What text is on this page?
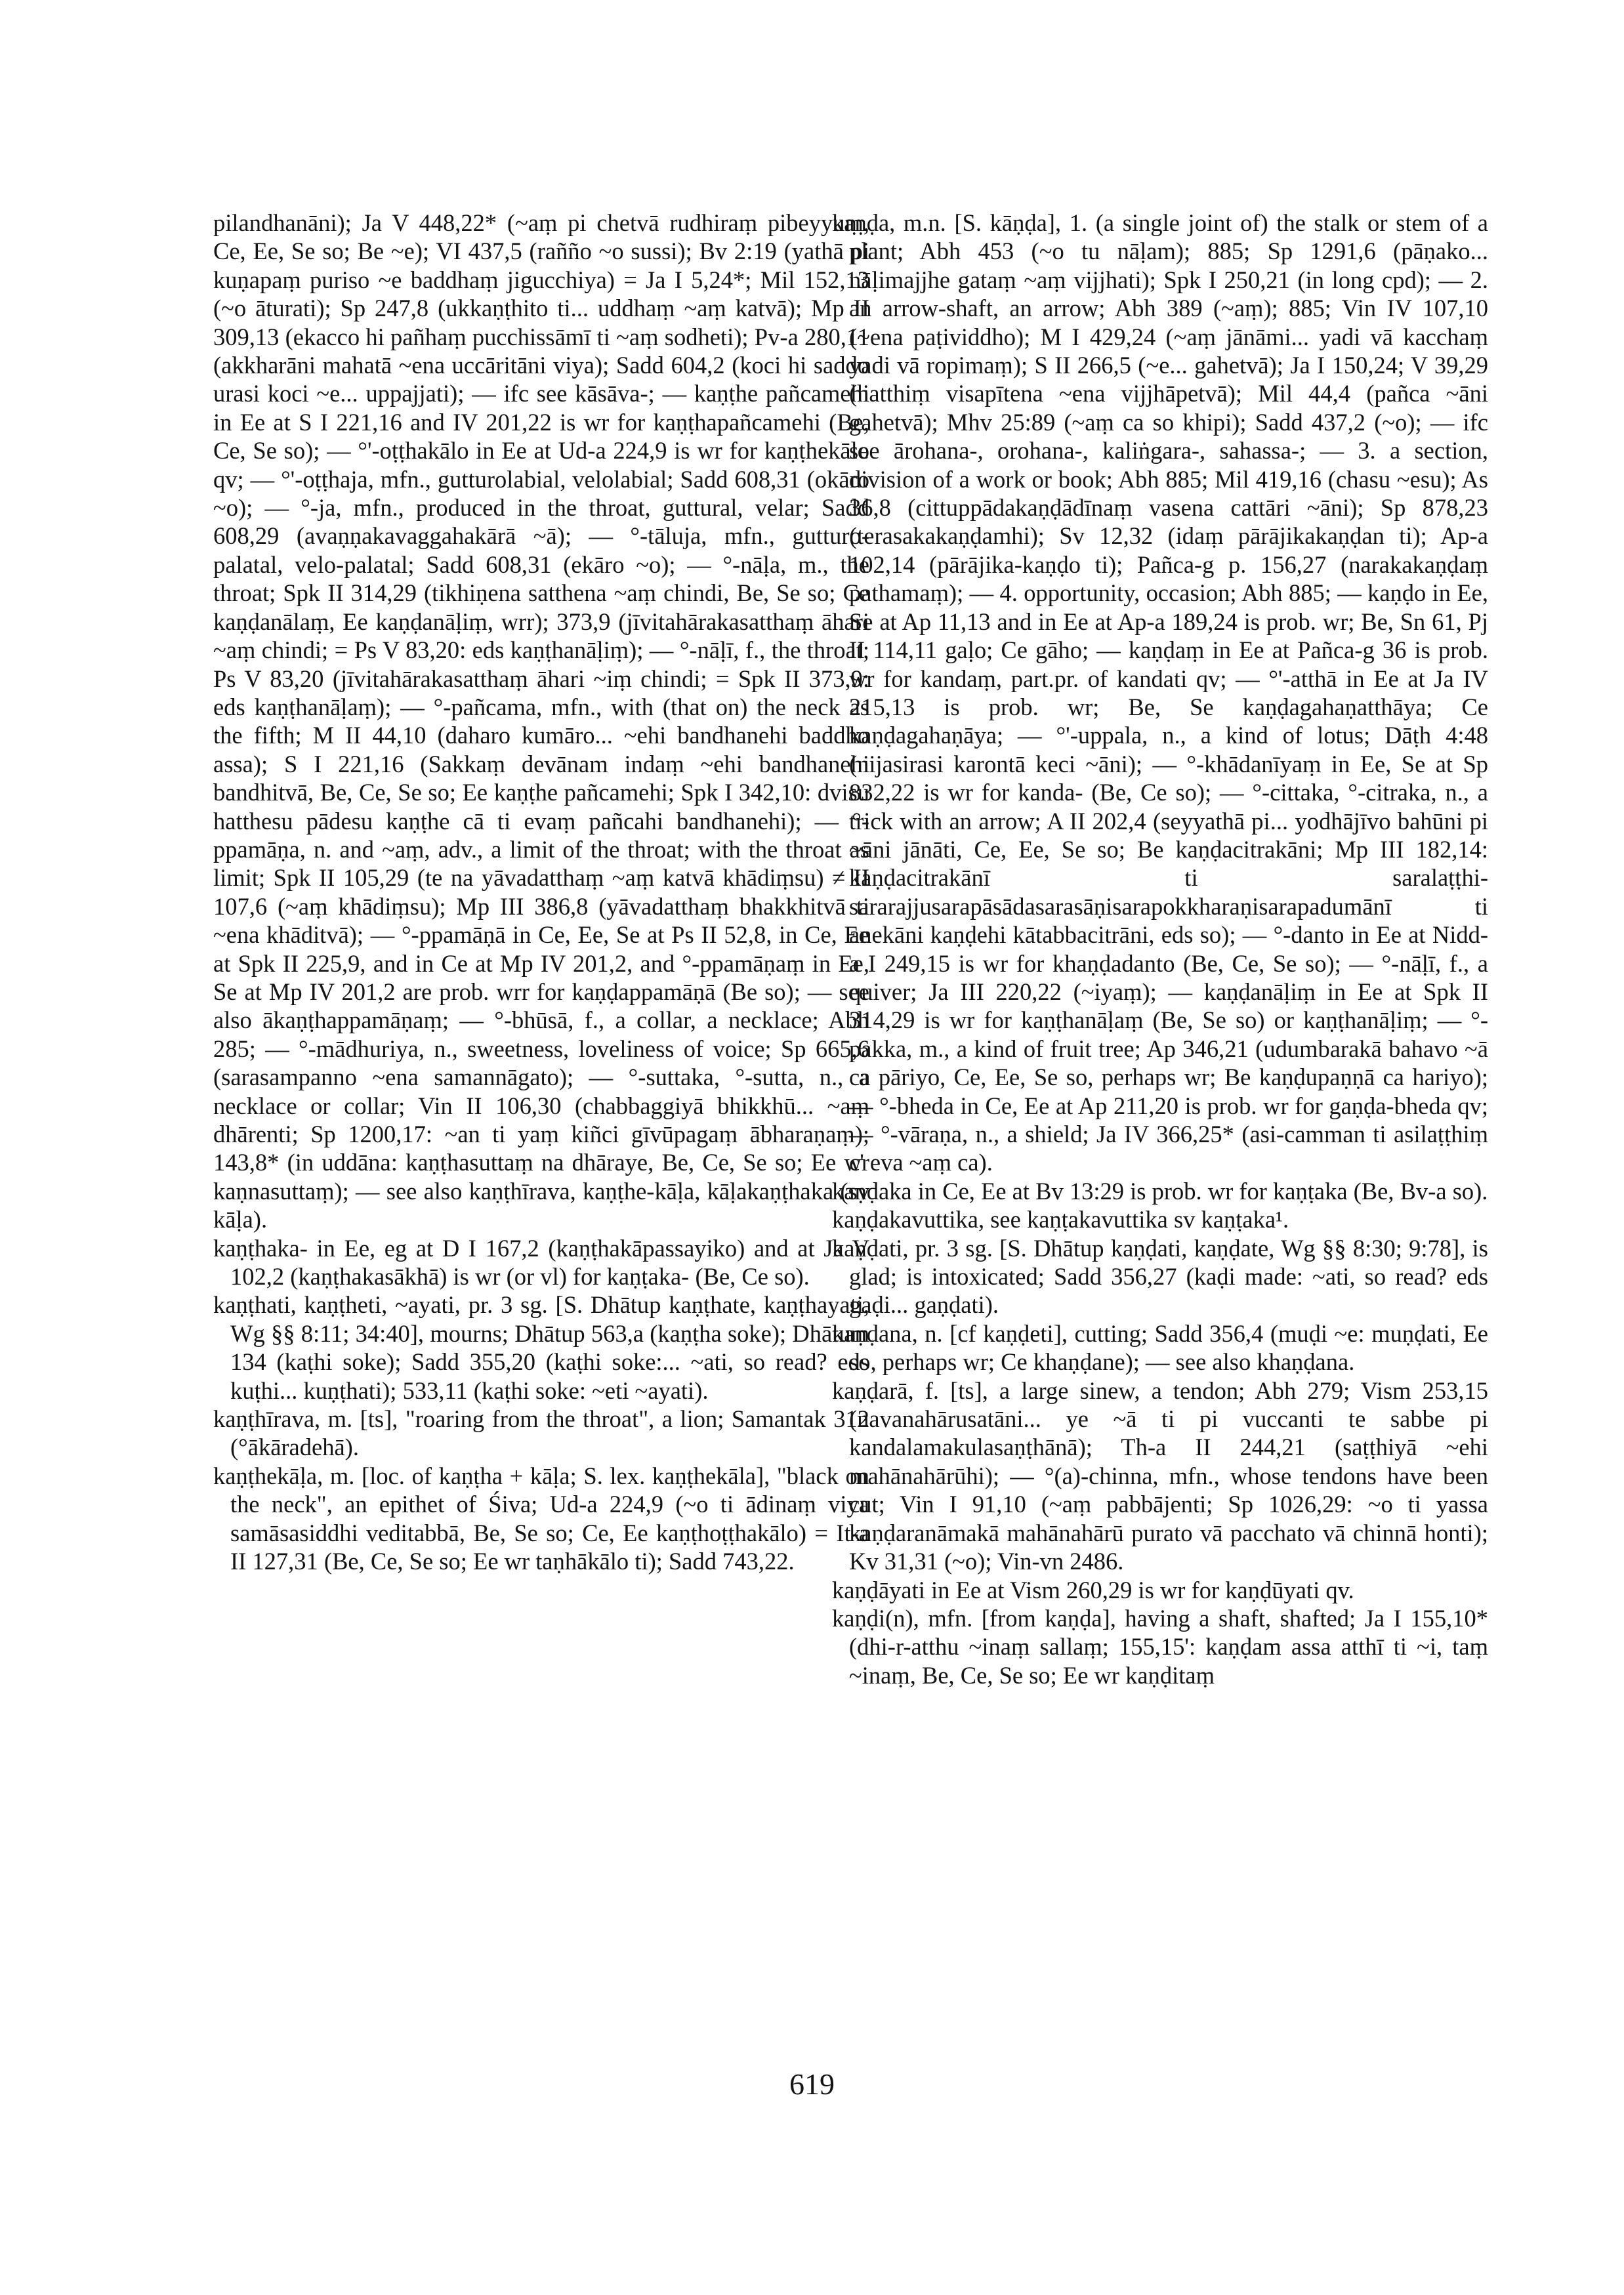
pilandhanāni); Ja V 448,22* (~aṃ pi chetvā rudhiraṃ pibeyyuṃ, Ce, Ee, Se so; Be ~e); VI 437,5 (raññо ~o sussi); Bv 2:19 (yathā pi kuṇapaṃ puriso ~e baddhaṃ jigucchiya) = Ja I 5,24*; Mil 152,13 (~o āturati); Sp 247,8 (ukkaṇṭhito ti... uddhaṃ ~aṃ katvā); Mp II 309,13 (ekacco hi pañhaṃ pucchissāmī ti ~aṃ sodheti); Pv-a 280,11 (akkharāni mahatā ~ena uccāritāni viya); Sadd 604,2 (koci hi saddo urasi koci ~e... uppajjati); — ifc see kāsāva-; — kaṇṭhe pañcamehi in Ee at S I 221,16 and IV 201,22 is wr for kaṇṭhapañcamehi (Be, Ce, Se so); — °'-oṭṭhakālo in Ee at Ud-a 224,9 is wr for kaṇṭhekālo qv; — °'-oṭṭhaja, mfn., gutturolabial, velolabial; Sadd 608,31 (okāro ~o); — °-ja, mfn., produced in the throat, guttural, velar; Sadd 608,29 (avaṇṇakavaggahakārā ~ā); — °-tāluja, mfn., gutturo-palatal, velo-palatal; Sadd 608,31 (ekāro ~o); — °-nāḷa, m., the throat; Spk II 314,29 (tikhiṇena satthena ~aṃ chindi, Be, Se so; Ce kaṇḍanālaṃ, Ee kaṇḍanāḷiṃ, wrr); 373,9 (jīvitahārakasatthaṃ āhari ~aṃ chindi; = Ps V 83,20: eds kaṇṭhanāḷiṃ); — °-nāḷī, f., the throat; Ps V 83,20 (jīvitahārakasatthaṃ āhari ~iṃ chindi; = Spk II 373,9: eds kaṇṭhanāḷaṃ); — °-pañcama, mfn., with (that on) the neck as the fifth; M II 44,10 (daharo kumāro... ~ehi bandhanehi baddho assa); S I 221,16 (Sakkaṃ devānam indaṃ ~ehi bandhanehi bandhitvā, Be, Ce, Se so; Ee kaṇṭhe pañcamehi; Spk I 342,10: dvisu hatthesu pādesu kaṇṭhe cā ti evaṃ pañcahi bandhanehi); — °-ppamāṇa, n. and ~aṃ, adv., a limit of the throat; with the throat as limit; Spk II 105,29 (te na yāvadatthaṃ ~aṃ katvā khādiṃsu) ≠ II 107,6 (~aṃ khādiṃsu); Mp III 386,8 (yāvadatthaṃ bhakkhitvā ti ~ena khāditvā); — °-ppamāṇā in Ce, Ee, Se at Ps II 52,8, in Ce, Ee at Spk II 225,9, and in Ce at Mp IV 201,2, and °-ppamāṇaṃ in Ee, Se at Mp IV 201,2 are prob. wrr for kaṇḍappamāṇā (Be so); — see also ākaṇṭhappamāṇaṃ; — °-bhūsā, f., a collar, a necklace; Abh 285; — °-mādhuriya, n., sweetness, loveliness of voice; Sp 665,6 (sarasampanno ~ena samannāgato); — °-suttaka, °-sutta, n., a necklace or collar; Vin II 106,30 (chabbaggiyā bhikkhū... ~aṃ dhārenti; Sp 1200,17: ~an ti yaṃ kiñci gīvūpagaṃ ābharaṇaṃ); 143,8* (in uddāna: kaṇṭhasuttaṃ na dhāraye, Be, Ce, Se so; Ee wr kaṇnasuttaṃ); — see also kaṇṭhīrava, kaṇṭhe-kāḷa, kāḷakaṇṭhaka (sv kāḷa).

kaṇṭhaka- in Ee, eg at D I 167,2 (kaṇṭhakāpassayiko) and at Ja V 102,2 (kaṇṭhakasākhā) is wr (or vl) for kaṇṭaka- (Be, Ce so).

kaṇṭhati, kaṇṭheti, ~ayati, pr. 3 sg. [S. Dhātup kaṇṭhate, kaṇṭhayati, Wg §§ 8:11; 34:40], mourns; Dhātup 563,a (kaṇṭha soke); Dhātum 134 (kaṭhi soke); Sadd 355,20 (kaṭhi soke:... ~ati, so read? eds kuṭhi... kuṇṭhati); 533,11 (kaṭhi soke: ~eti ~ayati).

kaṇṭhīrava, m. [ts], "roaring from the throat", a lion; Samantak 312 (°ākāradehā).

kaṇṭhekāḷa, m. [loc. of kaṇṭha + kāḷa; S. lex. kaṇṭhekāla], "black on the neck", an epithet of Śiva; Ud-a 224,9 (~o ti ādinaṃ viya samāsasiddhi veditabbā, Be, Se so; Ce, Ee kaṇṭhoṭṭhakālo) = It-a II 127,31 (Be, Ce, Se so; Ee wr taṇhākālo ti); Sadd 743,22.

kaṇḍa, m.n. [S. kāṇḍa], 1. (a single joint of) the stalk or stem of a plant; Abh 453 (~o tu nāḷam); 885; Sp 1291,6 (pāṇako... nāḷimajjhe gataṃ ~aṃ vijjhati); Spk I 250,21 (in long cpd); — 2. an arrow-shaft, an arrow; Abh 389 (~aṃ); 885; Vin IV 107,10 (~ena paṭividdho); M I 429,24 (~aṃ jānāmi... yadi vā kacchaṃ yadi vā ropimaṃ); S II 266,5 (~e... gahetvā); Ja I 150,24; V 39,29 (hatthiṃ visapītena ~ena vijjhāpetvā); Mil 44,4 (pañca ~āni gahetvā); Mhv 25:89 (~aṃ ca so khipi); Sadd 437,2 (~o); — ifc see ārohana-, orohana-, kaliṅgara-, sahassa-; — 3. a section, division of a work or book; Abh 885; Mil 419,16 (chasu ~esu); As 36,8 (cittuppādakaṇḍādīnaṃ vasena cattāri ~āni); Sp 878,23 (terasakakaṇḍamhi); Sv 12,32 (idaṃ pārājikakaṇḍan ti); Ap-a 102,14 (pārājika-kaṇḍo ti); Pañca-g p. 156,27 (narakakaṇḍaṃ pathamaṃ); — 4. opportunity, occasion; Abh 885; — kaṇḍo in Ee, Se at Ap 11,13 and in Ee at Ap-a 189,24 is prob. wr; Be, Sn 61, Pj II 114,11 gaḷo; Ce gāho; — kaṇḍaṃ in Ee at Pañca-g 36 is prob. wr for kandaṃ, part.pr. of kandati qv; — °'-atthā in Ee at Ja IV 215,13 is prob. wr; Be, Se kaṇḍagahaṇatthāya; Ce kaṇḍagahaṇāya; — °'-uppala, n., a kind of lotus; Dāṭh 4:48 (nijasirasi karontā keci ~āni); — °-khādanīyaṃ in Ee, Se at Sp 832,22 is wr for kanda- (Be, Ce so); — °-cittaka, °-citraka, n., a trick with an arrow; A II 202,4 (seyyathā pi... yodhājīvo bahūni pi ~āni jānāti, Ce, Ee, Se so; Be kaṇḍacitrakāni; Mp III 182,14: kaṇḍacitrakānī ti saralaṭṭhi-sararajjusarapāsādasarasāṇisarapokkharaṇisarapadumānī ti anekāni kaṇḍehi kātabbacitrāni, eds so); — °-danto in Ee at Nidd-a I 249,15 is wr for khaṇḍadanto (Be, Ce, Se so); — °-nāḷī, f., a quiver; Ja III 220,22 (~iyaṃ); — kaṇḍanāḷiṃ in Ee at Spk II 314,29 is wr for kaṇṭhanāḷaṃ (Be, Se so) or kaṇṭhanāḷiṃ; — °-pakka, m., a kind of fruit tree; Ap 346,21 (udumbarakā bahavo ~ā ca pāriyo, Ce, Ee, Se so, perhaps wr; Be kaṇḍupaṇṇā ca hariyo); — °-bheda in Ce, Ee at Ap 211,20 is prob. wr for gaṇḍa-bheda qv; — °-vāraṇa, n., a shield; Ja IV 366,25* (asi-camman ti asilaṭṭhiṃ c' eva ~aṃ ca).

kaṇḍaka in Ce, Ee at Bv 13:29 is prob. wr for kaṇṭaka (Be, Bv-a so).

kaṇḍakavuttika, see kaṇṭakavuttika sv kaṇṭaka¹.

kaṇḍati, pr. 3 sg. [S. Dhātup kaṇḍati, kaṇḍate, Wg §§ 8:30; 9:78], is glad; is intoxicated; Sadd 356,27 (kaḍi made: ~ati, so read? eds gaḍi... gaṇḍati).

kaṇḍana, n. [cf kaṇḍeti], cutting; Sadd 356,4 (muḍi ~e: muṇḍati, Ee so, perhaps wr; Ce khaṇḍane); — see also khaṇḍana.

kaṇḍarā, f. [ts], a large sinew, a tendon; Abh 279; Vism 253,15 (navanahārusatāni... ye ~ā ti pi vuccanti te sabbe pi kandalamakulasaṇṭhānā); Th-a II 244,21 (saṭṭhiyā ~ehi mahānahārūhi); — °(a)-chinna, mfn., whose tendons have been cut; Vin I 91,10 (~aṃ pabbājenti; Sp 1026,29: ~o ti yassa kaṇḍaranāmakā mahānahārū purato vā pacchato vā chinnā honti); Kv 31,31 (~o); Vin-vn 2486.

kaṇḍāyati in Ee at Vism 260,29 is wr for kaṇḍūyati qv.

kaṇḍi(n), mfn. [from kaṇḍa], having a shaft, shafted; Ja I 155,10* (dhi-r-atthu ~inaṃ sallaṃ; 155,15': kaṇḍam assa atthī ti ~i, taṃ ~inaṃ, Be, Ce, Se so; Ee wr kaṇḍitaṃ

619
